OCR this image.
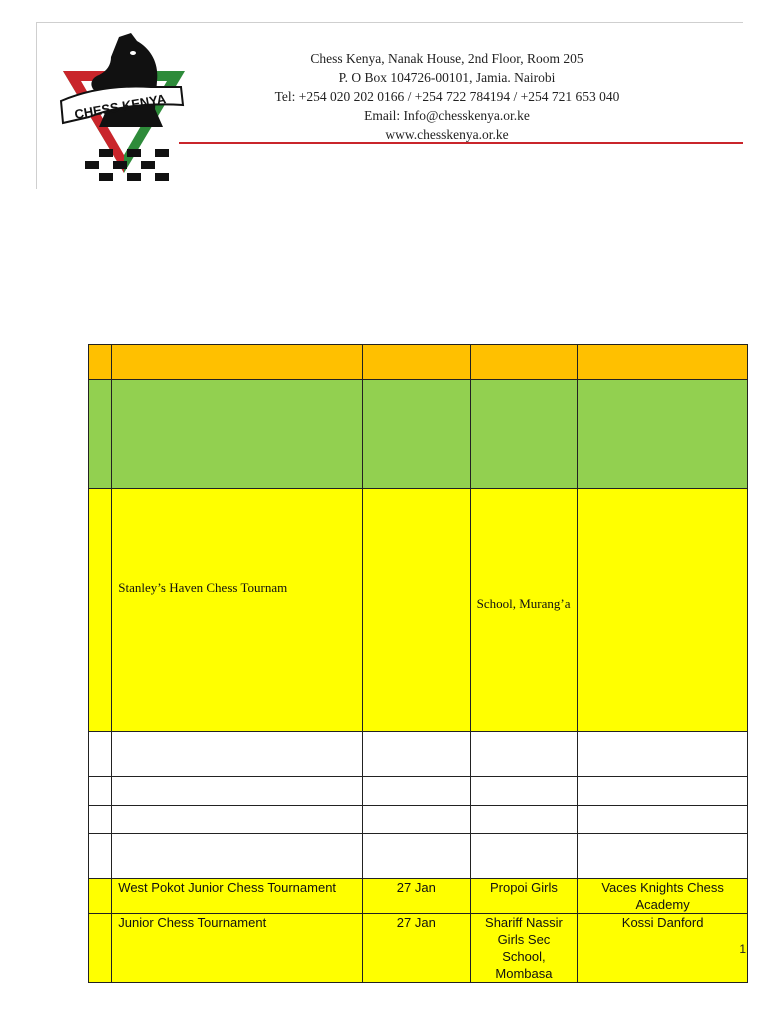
CHESS KENYA
Chess Kenya, Nanak House, 2nd Floor, Room 205
P. O Box 104726-00101, Jamia. Nairobi
Tel: +254 020 202 0166 / +254 722 784194 / +254 721 653 040
Email: Info@chesskenya.or.ke
www.chesskenya.or.ke

	Stanley’s Haven Chess Tournam		School, Murang’a	

	West Pokot Junior Chess Tournament	27 Jan	Propoi Girls	Vaces Knights Chess Academy
	Junior Chess Tournament	27 Jan	Shariff Nassir Girls Sec School, Mombasa	Kossi Danford
1
